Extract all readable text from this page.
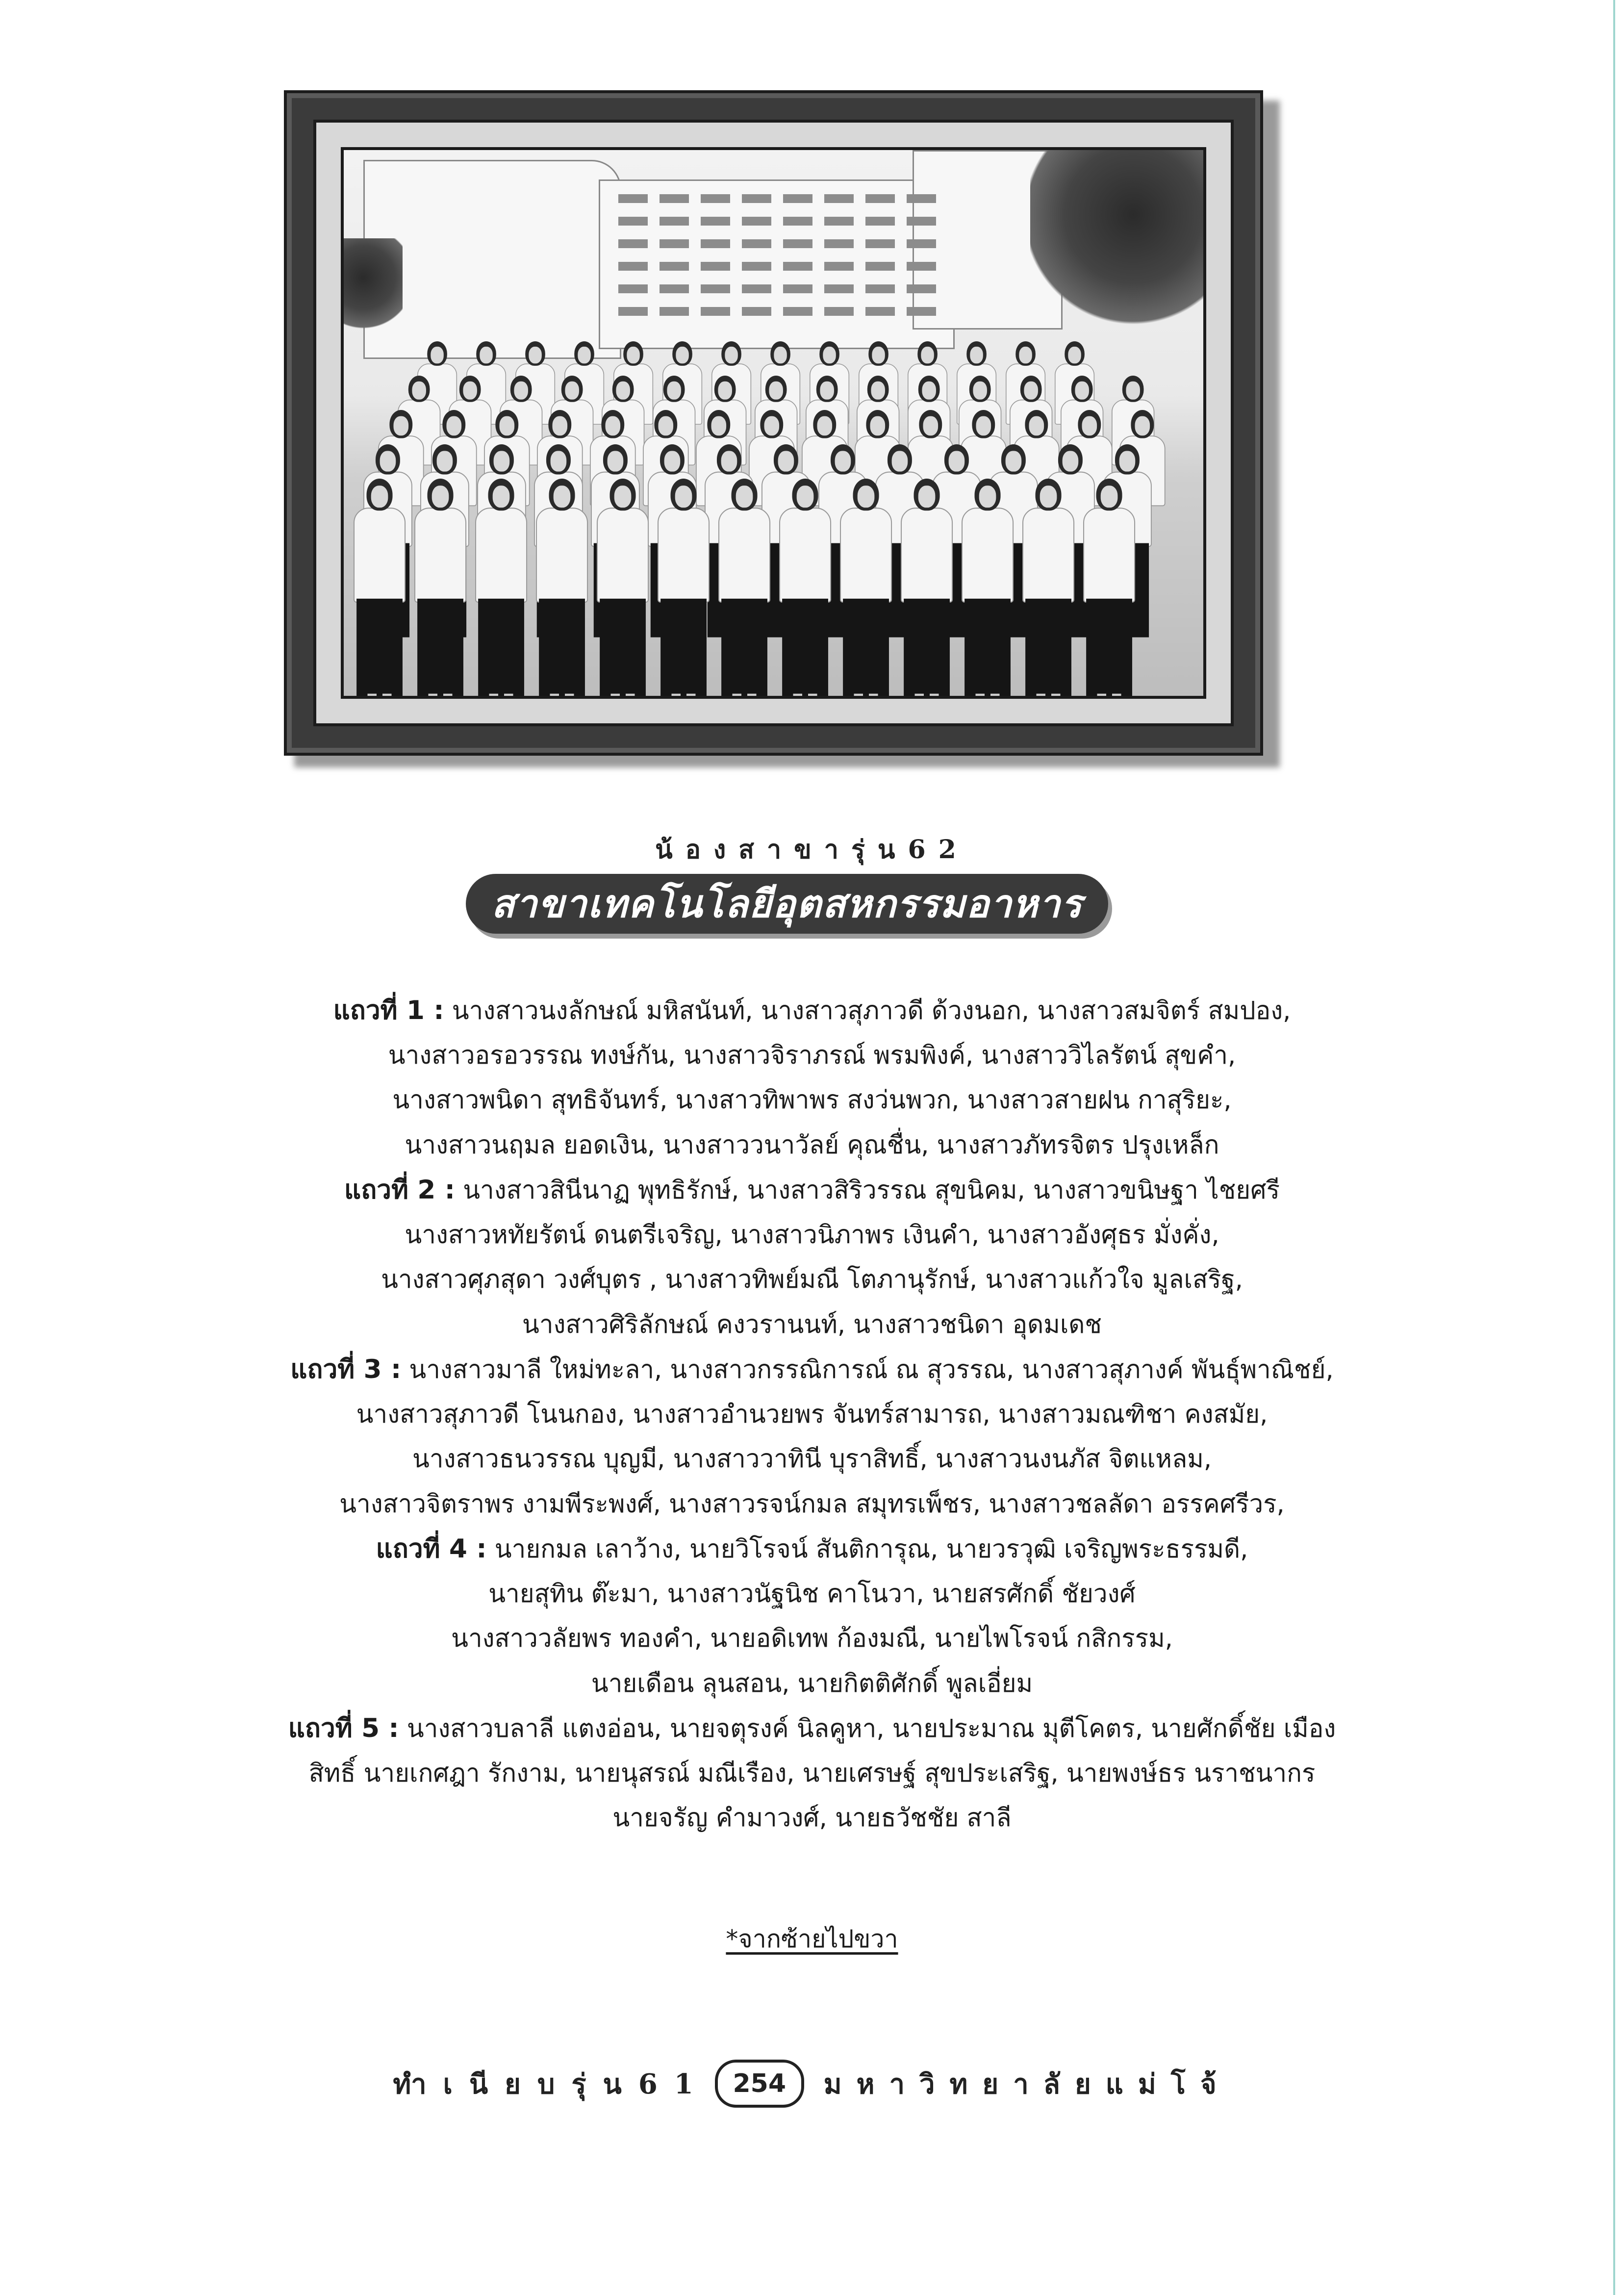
น้องสาขารุ่น62
สาขาเทคโนโลยีอุตสหกรรมอาหาร
แถวที่ 1 : นางสาวนงลักษณ์ มหิสนันท์, นางสาวสุภาวดี ด้วงนอก, นางสาวสมจิตร์ สมปอง,
นางสาวอรอวรรณ ทงษ์กัน, นางสาวจิราภรณ์ พรมพิงค์, นางสาววิไลรัตน์ สุขคำ,
นางสาวพนิดา สุทธิจันทร์, นางสาวทิพาพร สงว่นพวก, นางสาวสายฝน กาสุริยะ,
นางสาวนฤมล ยอดเงิน, นางสาววนาวัลย์ คุณชื่น, นางสาวภัทรจิตร ปรุงเหล็ก
แถวที่ 2 : นางสาวสินีนาฏ พุทธิรักษ์, นางสาวสิริวรรณ สุขนิคม, นางสาวขนิษฐา ไชยศรี
นางสาวหทัยรัตน์ ดนตรีเจริญ, นางสาวนิภาพร เงินคำ, นางสาวอังศุธร มั่งคั่ง,
นางสาวศุภสุดา วงศ์บุตร , นางสาวทิพย์มณี โตภานุรักษ์, นางสาวแก้วใจ มูลเสริฐ,
นางสาวศิริลักษณ์ คงวรานนท์, นางสาวชนิดา อุดมเดช
แถวที่ 3 : นางสาวมาลี ใหม่ทะลา, นางสาวกรรณิการณ์ ณ สุวรรณ, นางสาวสุภางค์ พันธุ์พาณิชย์,
นางสาวสุภาวดี โนนกอง, นางสาวอำนวยพร จันทร์สามารถ, นางสาวมณฑิชา คงสมัย,
นางสาวธนวรรณ บุญมี, นางสาววาทินี บุราสิทธิ์, นางสาวนงนภัส จิตแหลม,
นางสาวจิตราพร งามพีระพงศ์, นางสาวรจน์กมล สมุทรเพ็ชร, นางสาวชลลัดา อรรคศรีวร,
แถวที่ 4 : นายกมล เลาว้าง, นายวิโรจน์ สันติการุณ, นายวรวุฒิ เจริญพระธรรมดี,
นายสุทิน ต๊ะมา, นางสาวนัฐนิช คาโนวา, นายสรศักดิ์ ชัยวงศ์
นางสาววลัยพร ทองคำ, นายอดิเทพ ก้องมณี, นายไพโรจน์ กสิกรรม,
นายเดือน ลุนสอน, นายกิตติศักดิ์ พูลเอี่ยม
แถวที่ 5 : นางสาวบลาลี แตงอ่อน, นายจตุรงค์ นิลคูหา, นายประมาณ มุตีโคตร, นายศักดิ์ชัย เมือง
สิทธิ์ นายเกศฎา รักงาม, นายนุสรณ์ มณีเรือง, นายเศรษฐ์ สุขประเสริฐ, นายพงษ์ธร นราชนากร
นายจรัญ คำมาวงศ์, นายธวัชชัย สาลี
*จากซ้ายไปขวา
ทำเนียบรุ่น61 254	มหาวิทยาลัยแม่โจ้
